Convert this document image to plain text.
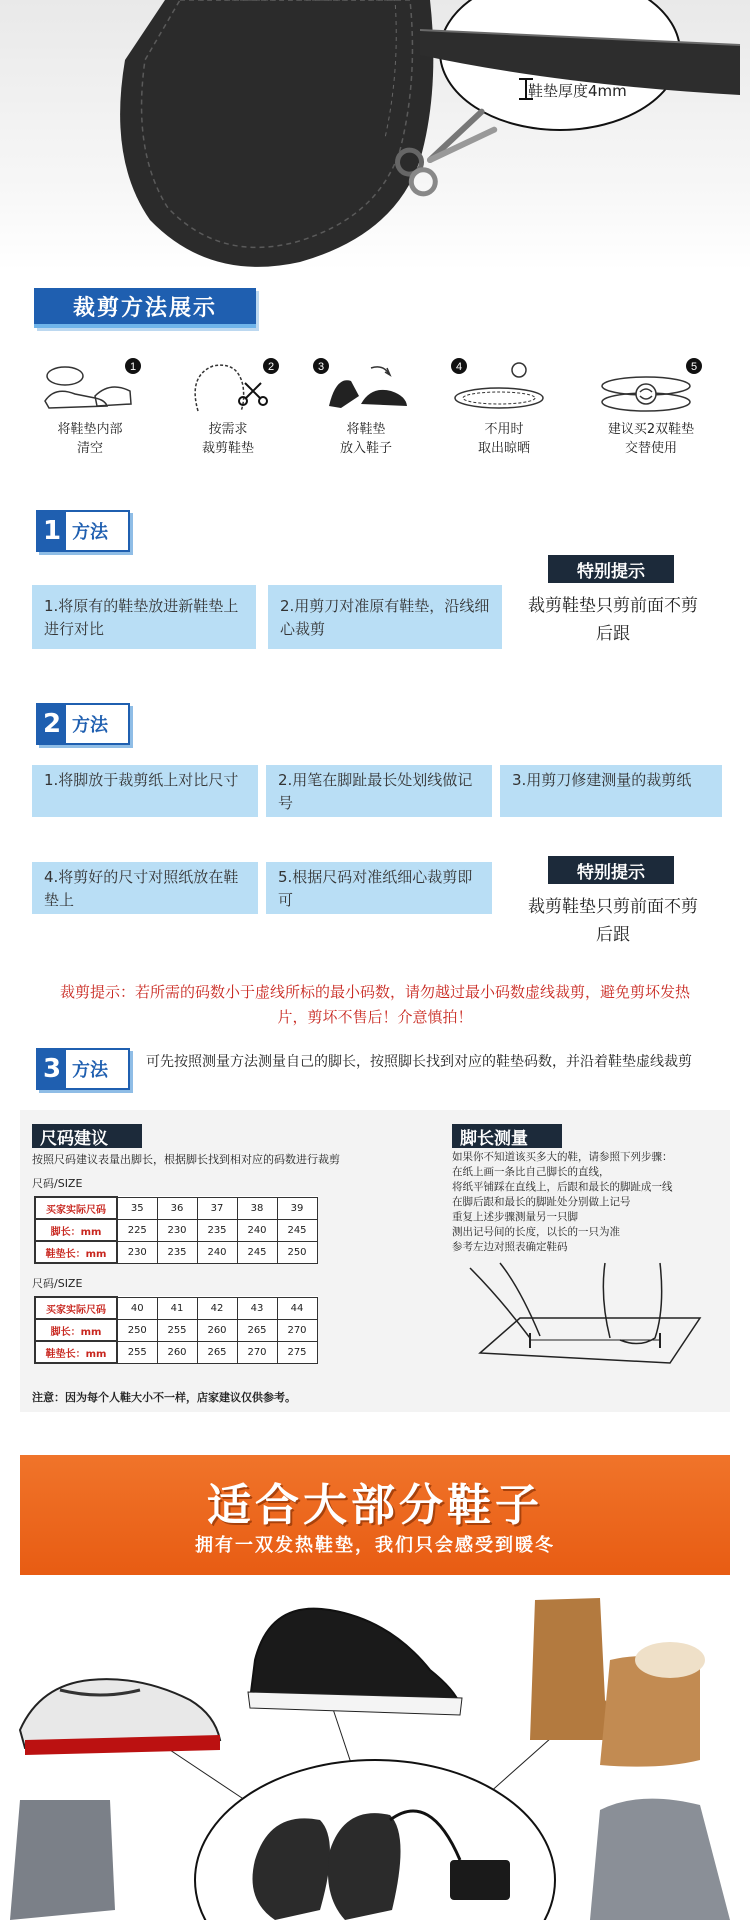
鞋垫厚度4mm
裁剪方法展示
1
将鞋垫内部
清空
2
按需求
裁剪鞋垫
3
将鞋垫
放入鞋子
4
不用时
取出晾晒
5
建议买2双鞋垫
交替使用
1 方法
1.将原有的鞋垫放进新鞋垫上进行对比
2.用剪刀对准原有鞋垫，沿线细心裁剪
特别提示
裁剪鞋垫只剪前面不剪后跟
2 方法
1.将脚放于裁剪纸上对比尺寸	2.用笔在脚趾最长处划线做记号
3.用剪刀修建测量的裁剪纸
4.将剪好的尺寸对照纸放在鞋垫上
5.根据尺码对准纸细心裁剪即可
特别提示
裁剪鞋垫只剪前面不剪后跟
裁剪提示：若所需的码数小于虚线所标的最小码数，请勿越过最小码数虚线裁剪，避免剪坏发热片，剪坏不售后！介意慎拍！
3 方法	可先按照测量方法测量自己的脚长，按照脚长找到对应的鞋垫码数，并沿着鞋垫虚线裁剪
尺码建议
按照尺码建议表量出脚长，根据脚长找到相对应的码数进行裁剪
尺码/SIZE
买家实际尺码	35	36	37	38	39
脚长：mm	225	230	235	240	245
鞋垫长：mm	230	235	240	245	250
尺码/SIZE
买家实际尺码	40	41	42	43	44
脚长：mm	250	255	260	265	270
鞋垫长：mm	255	260	265	270	275
注意：因为每个人鞋大小不一样，店家建议仅供参考。
脚长测量
如果你不知道该买多大的鞋，请参照下列步骤：
在纸上画一条比自己脚长的直线，
将纸平铺踩在直线上，后跟和最长的脚趾成一线
在脚后跟和最长的脚趾处分别做上记号
重复上述步骤测量另一只脚
测出记号间的长度，以长的一只为准
参考左边对照表确定鞋码
适合大部分鞋子
拥有一双发热鞋垫，我们只会感受到暖冬
